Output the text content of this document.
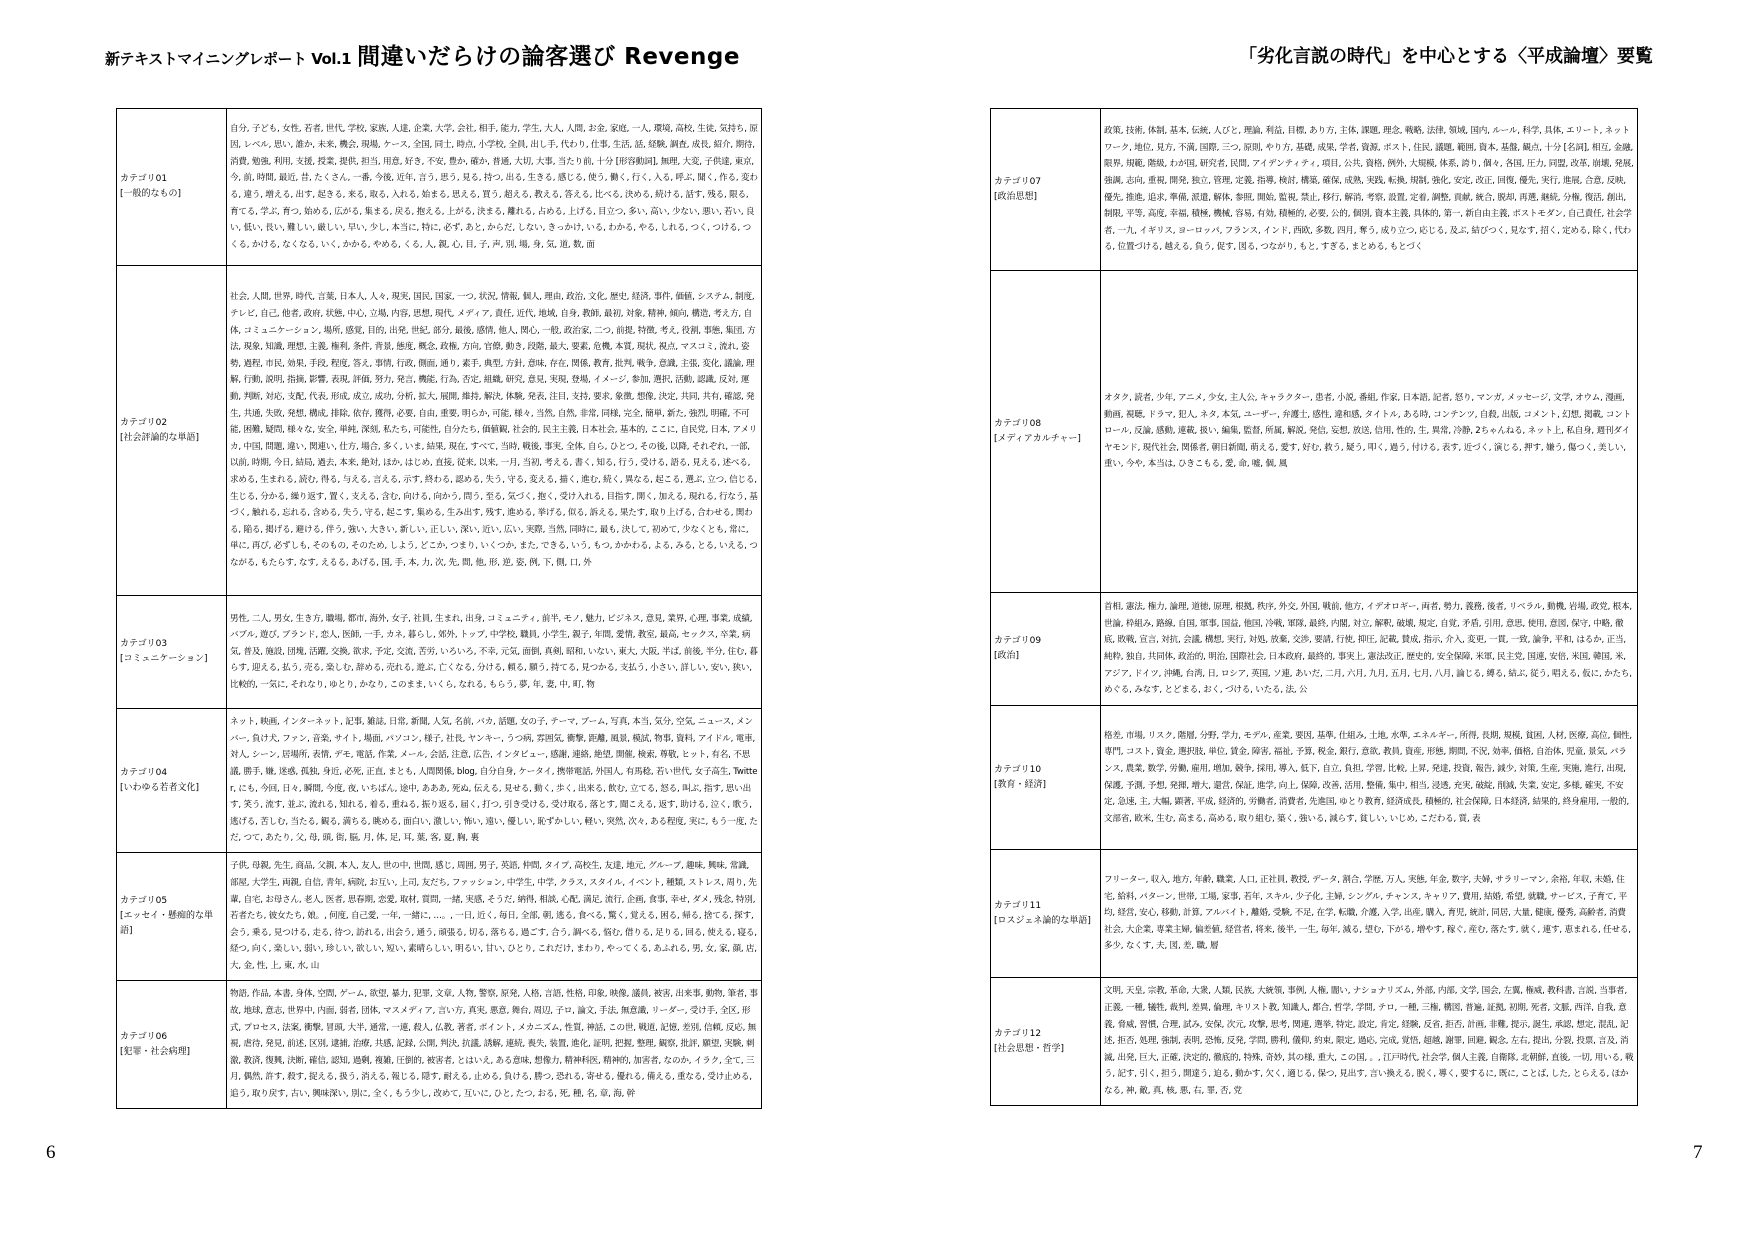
新テキストマイニングレポート Vol.1 間違いだらけの論客選び Revenge	「劣化言説の時代」を中心とする〈平成論壇〉要覧
カテゴリ01
[一般的なもの]	自分, 子ども, 女性, 若者, 世代, 学校, 家族, 人達, 企業, 大学, 会社, 相手, 能力, 学生, 大人, 人間, お金, 家庭, 一人, 環境, 高校, 生徒, 気持ち, 原因, レベル, 思い, 誰か, 未来, 機会, 現場, ケース, 全国, 同士, 時点, 小学校, 全員, 出し手, 代わり, 仕事, 生活, 話, 経験, 調査, 成長, 紹介, 期待, 消費, 勉強, 利用, 支援, 授業, 提供, 担当, 用意, 好き, 不安, 豊か, 確か, 普通, 大切, 大事, 当たり前, 十分 [形容動詞], 無理, 大変, 子供達, 東京, 今, 前, 時間, 最近, 昔, たくさん, 一番, 今後, 近年, 言う, 思う, 見る, 持つ, 出る, 生きる, 感じる, 使う, 働く, 行く, 入る, 呼ぶ, 聞く, 作る, 変わる, 違う, 増える, 出す, 起きる, 来る, 取る, 入れる, 始まる, 思える, 買う, 超える, 教える, 答える, 比べる, 決める, 続ける, 話す, 残る, 限る, 育てる, 学ぶ, 育つ, 始める, 広がる, 集まる, 戻る, 抱える, 上がる, 決まる, 離れる, 占める, 上げる, 目立つ, 多い, 高い, 少ない, 悪い, 若い, 良い, 低い, 長い, 難しい, 厳しい, 早い, 少し, 本当に, 特に, 必ず, あと, からだ, しない, きっかけ, いる, わかる, やる, しれる, つく, つける, つくる, かける, なくなる, いく, かかる, やめる, くる, 人, 親, 心, 目, 子, 声, 別, 場, 身, 気, 道, 数, 面
カテゴリ02
[社会評論的な単語]	社会, 人間, 世界, 時代, 言葉, 日本人, 人々, 現実, 国民, 国家, 一つ, 状況, 情報, 個人, 理由, 政治, 文化, 歴史, 経済, 事件, 価値, システム, 制度, テレビ, 自己, 他者, 政府, 状態, 中心, 立場, 内容, 思想, 現代, メディア, 責任, 近代, 地域, 自身, 教師, 最初, 対象, 精神, 傾向, 構造, 考え方, 自体, コミュニケーション, 場所, 感覚, 目的, 出発, 世紀, 部分, 最後, 感情, 他人, 関心, 一般, 政治家, 二つ, 前提, 特徴, 考え, 役割, 事態, 集団, 方法, 現象, 知識, 理想, 主義, 権利, 条件, 背景, 態度, 概念, 政権, 方向, 官僚, 動き, 段階, 最大, 要素, 危機, 本質, 現状, 視点, マスコミ, 流れ, 姿勢, 過程, 市民, 効果, 手段, 程度, 答え, 事情, 行政, 側面, 通り, 素手, 典型, 方針, 意味, 存在, 関係, 教育, 批判, 戦争, 意識, 主張, 変化, 議論, 理解, 行動, 説明, 指摘, 影響, 表現, 評価, 努力, 発言, 機能, 行為, 否定, 組織, 研究, 意見, 実現, 登場, イメージ, 参加, 選択, 活動, 認識, 反対, 運動, 判断, 対応, 支配, 代表, 形成, 成立, 成功, 分析, 拡大, 展開, 維持, 解決, 体験, 発表, 注目, 支持, 要求, 象徴, 想像, 決定, 共同, 共有, 確認, 発生, 共通, 失敗, 発想, 構成, 排除, 依存, 獲得, 必要, 自由, 重要, 明らか, 可能, 様々, 当然, 自然, 非常, 同様, 完全, 簡単, 新た, 強烈, 明確, 不可能, 困難, 疑問, 様々な, 安全, 単純, 深刻, 私たち, 可能性, 自分たち, 価値観, 社会的, 民主主義, 日本社会, 基本的, ここに, 自民党, 日本, アメリカ, 中国, 問題, 違い, 関連い, 仕方, 場合, 多く, いま, 結果, 現在, すべて, 当時, 戦後, 事実, 全体, 自ら, ひとつ, その後, 以降, それぞれ, 一部, 以前, 時期, 今日, 結局, 過去, 本来, 絶対, ほか, はじめ, 直接, 従来, 以来, 一月, 当初, 考える, 書く, 知る, 行う, 受ける, 語る, 見える, 述べる, 求める, 生まれる, 読む, 得る, 与える, 言える, 示す, 終わる, 認める, 失う, 守る, 変える, 描く, 進む, 続く, 異なる, 起こる, 選ぶ, 立つ, 信じる, 生じる, 分かる, 繰り返す, 置く, 支える, 含む, 向ける, 向かう, 問う, 至る, 気づく, 抱く, 受け入れる, 目指す, 開く, 加える, 現れる, 行なう, 基づく, 触れる, 忘れる, 含める, 失う, 守る, 起こす, 集める, 生み出す, 残す, 進める, 挙げる, 似る, 訴える, 果たす, 取り上げる, 合わせる, 関わる, 陥る, 掲げる, 避ける, 伴う, 強い, 大きい, 新しい, 正しい, 深い, 近い, 広い, 実際, 当然, 同時に, 最も, 決して, 初めて, 少なくとも, 常に, 単に, 再び, 必ずしも, そのもの, そのため, しよう, どこか, つまり, いくつか, また, できる, いう, もつ, かかわる, よる, みる, とる, いえる, つながる, もたらす, なす, えるる, あげる, 国, 手, 本, 力, 次, 先, 間, 他, 形, 逆, 姿, 例, 下, 側, 口, 外
カテゴリ03
[コミュニケーション]	男性, 二人, 男女, 生き方, 職場, 都市, 海外, 女子, 社員, 生まれ, 出身, コミュニティ, 前半, モノ, 魅力, ビジネス, 意見, 業界, 心理, 事業, 成績, バブル, 遊び, ブランド, 恋人, 医師, 一手, カネ, 暮らし, 郊外, トップ, 中学校, 職員, 小学生, 親子, 年間, 愛情, 教室, 最高, セックス, 卒業, 病気, 普及, 施設, 団塊, 活躍, 交換, 欲求, 予定, 交流, 苦労, いろいろ, 不幸, 元気, 面倒, 真剣, 昭和, いない, 東大, 大阪, 半ば, 前後, 半分, 住む, 暮らす, 迎える, 払う, 売る, 楽しむ, 辞める, 売れる, 遊ぶ, 亡くなる, 分ける, 頼る, 願う, 持てる, 見つかる, 支払う, 小さい, 詳しい, 安い, 狭い, 比較的, 一気に, それなり, ゆとり, かなり, このまま, いくら, なれる, もらう, 夢, 年, 妻, 中, 町, 物
カテゴリ04
[いわゆる若者文化]	ネット, 映画, インターネット, 記事, 雑誌, 日常, 新聞, 人気, 名前, バカ, 話題, 女の子, テーマ, ブーム, 写真, 本当, 気分, 空気, ニュース, メンバー, 負け犬, ファン, 音楽, サイト, 場面, パソコン, 様子, 社長, ヤンキー, うつ病, 雰囲気, 衝撃, 距離, 風景, 模試, 物事, 資料, アイドル, 電車, 対人, シーン, 居場所, 表情, デモ, 電話, 作業, メール, 会話, 注意, 広告, インタビュー, 感謝, 連絡, 絶望, 開催, 検索, 尊敬, ヒット, 有名, 不思議, 勝手, 嫌, 迷惑, 孤独, 身近, 必死, 正直, まとも, 人間関係, blog, 自分自身, ケータイ, 携帯電話, 外国人, 有馬稔, 若い世代, 女子高生, Twitter, にも, 今回, 日々, 瞬間, 今度, 夜, いちばん, 途中, あああ, 死ぬ, 伝える, 見せる, 動く, 歩く, 出来る, 飲む, 立てる, 怒る, 叫ぶ, 指す, 思い出す, 笑う, 流す, 並ぶ, 流れる, 知れる, 着る, 重ねる, 振り返る, 届く, 打つ, 引き受ける, 受け取る, 落とす, 聞こえる, 返す, 助ける, 泣く, 歌う, 逃げる, 苦しむ, 当たる, 観る, 満ちる, 眺める, 面白い, 激しい, 怖い, 遠い, 優しい, 恥ずかしい, 軽い, 突然, 次々, ある程度, 実に, もう一度, ただ, つて, あたり, 父, 母, 頭, 街, 脳, 月, 体, 足, 耳, 葉, 客, 夏, 胸, 裏
カテゴリ05
[エッセイ・懸痴的な単語]	子供, 母親, 先生, 商品, 父親, 本人, 友人, 世の中, 世間, 感じ, 周囲, 男子, 英語, 仲間, タイプ, 高校生, 友達, 地元, グループ, 趣味, 興味, 常識, 部屋, 大学生, 両親, 自信, 青年, 病院, お互い, 上司, 友だち, ファッション, 中学生, 中学, クラス, スタイル, イベント, 種類, ストレス, 周り, 先輩, 自宅, お母さん, 老人, 医者, 思春期, 恋愛, 取材, 質問, 一緒, 実感, そうだ, 納得, 相談, 心配, 満足, 流行, 企画, 食事, 幸せ, ダメ, 残念, 特別, 若者たち, 彼女たち, 娘。, 何度, 自己愛, 一年, 一緒に, …。, 一日, 近く, 毎日, 全部, 朝, 逃る, 食べる, 驚く, 覚える, 困る, 帰る, 捨てる, 探す, 会う, 乗る, 見つける, 走る, 待つ, 訪れる, 出会う, 通う, 頑張る, 切る, 落ちる, 過ごす, 合う, 調べる, 悩む, 借りる, 足りる, 回る, 使える, 寝る, 経つ, 向く, 楽しい, 弱い, 珍しい, 欲しい, 短い, 素晴らしい, 明るい, 甘い, ひとり, これだけ, まわり, やってくる, あふれる, 男, 女, 家, 顔, 店, 大, 金, 性, 上, 東, 水, 山
カテゴリ06
[犯罪・社会病理]	物語, 作品, 本書, 身体, 空間, ゲーム, 欲望, 暴力, 犯罪, 文章, 人物, 警察, 原発, 人格, 言語, 性格, 印象, 映像, 議員, 被害, 出来事, 動物, 筆者, 事故, 地球, 意志, 世界中, 内面, 弱者, 団体, マスメディア, 言い方, 真実, 悪意, 舞台, 周辺, 子ロ, 論文, 手法, 無意識, リーダー, 受け手, 全区, 形式, プロセス, 法案, 衝撃, 冒頭, 大半, 通常, 一連, 殺人, 仏教, 著者, ポイント, メカニズム, 性質, 神話, この世, 戦道, 記憶, 差別, 信頼, 反応, 無視, 虐待, 発見, 前述, 区別, 逮捕, 治療, 共感, 記録, 公開, 判決, 抗議, 誘解, 連続, 喪失, 装置, 進化, 証明, 把握, 整理, 観察, 批評, 願望, 実験, 刺激, 教済, 復興, 決断, 確信, 認知, 過剰, 複雑, 圧倒的, 被害者, とはいえ, ある意味, 想像力, 精神科医, 精神的, 加害者, なのか, イラク, 全て, 三月, 偶然, 許す, 殺す, 捉える, 扱う, 消える, 報じる, 隠す, 耐える, 止める, 負ける, 勝つ, 恐れる, 寄せる, 優れる, 備える, 重なる, 受け止める, 追う, 取り戻す, 古い, 興味深い, 別に, 全く, もう少し, 改めて, 互いに, ひと, たつ, おる, 死, 種, 名, 章, 海, 幹
カテゴリ07
[政治思想]	政策, 技術, 体制, 基本, 伝統, 人びと, 理論, 利益, 目標, あり方, 主体, 課題, 理念, 戦略, 法律, 領域, 国内, ルール, 科学, 具体, エリート, ネットワーク, 地位, 見方, 不満, 国際, 三つ, 原則, やり方, 基礎, 成果, 学者, 資源, ポスト, 住民, 議題, 範囲, 資本, 基盤, 観点, 十分 [名詞], 相互, 金融, 限界, 規範, 階級, わが国, 研究者, 民間, アイデンティティ, 項目, 公共, 資格, 例外, 大規模, 体系, 誇り, 個々, 各国, 圧力, 同盟, 改革, 崩壊, 発展, 強調, 志向, 重視, 開発, 独立, 管理, 定義, 指導, 検討, 構築, 確保, 成熟, 実践, 転換, 規制, 強化, 安定, 改正, 回復, 優先, 実行, 進展, 合意, 反映, 優先, 推進, 追求, 準備, 派遣, 解体, 参照, 開始, 監視, 禁止, 移行, 解消, 考察, 設置, 定着, 調整, 貢献, 統合, 脱却, 再選, 継続, 分権, 復活, 創出, 制限, 平等, 高度, 幸福, 積極, 機械, 容易, 有効, 積極的, 必要, 公的, 個別, 資本主義, 具体的, 第一, 新自由主義, ポストモダン, 自己責任, 社会学者, 一九, イギリス, ヨーロッパ, フランス, インド, 西欧, 多数, 四月, 奪う, 成り立つ, 応じる, 及ぶ, 結びつく, 見なす, 招く, 定める, 除く, 代わる, 位置づける, 越える, 負う, 促す, 図る, つながり, もと, すぎる, まとめる, もとづく
カテゴリ08
[メディアカルチャー]	オタク, 読者, 少年, アニメ, 少女, 主人公, キャラクター, 患者, 小説, 番組, 作家, 日本語, 記者, 怒り, マンガ, メッセージ, 文学, オウム, 漫画, 動画, 視聴, ドラマ, 犯人, ネタ, 本気, ユーザー, 弁護士, 感性, 違和感, タイトル, ある時, コンテンツ, 自殺, 出版, コメント, 幻想, 掲載, コントロール, 反論, 感動, 連載, 扱い, 編集, 監督, 所属, 解説, 発信, 妄想, 放送, 信用, 性的, 生, 異常, 冷静, 2ちゃんねる, ネット上, 私自身, 週刊ダイヤモンド, 現代社会, 関係者, 朝日新聞, 萌える, 愛す, 好む, 救う, 疑う, 叩く, 過う, 付ける, 表す, 近づく, 演じる, 押す, 嫌う, 傷つく, 美しい, 重い, 今や, 本当は, ひきこもる, 愛, 命, 嘘, 個, 風
カテゴリ09
[政治]	首相, 憲法, 権力, 論理, 道徳, 原理, 根拠, 秩序, 外交, 外国, 戦前, 他方, イデオロギー, 両者, 勢力, 義務, 後者, リベラル, 動機, 岩場, 政党, 根本, 世論, 枠組み, 路線, 自国, 軍事, 国益, 他国, 冷戦, 軍隊, 最終, 内閣, 対立, 解釈, 破壊, 規定, 自覚, 矛盾, 引用, 意思, 使用, 意図, 保守, 中略, 徹底, 敗戦, 宣言, 対抗, 会議, 構想, 実行, 対処, 放棄, 交渉, 要請, 行使, 抑圧, 記載, 賛成, 指示, 介入, 変更, 一貫, 一致, 論争, 平和, はるか, 正当, 純粋, 独自, 共同体, 政治的, 明治, 国際社会, 日本政府, 最終的, 事実上, 憲法改正, 歴史的, 安全保障, 米軍, 民主党, 国連, 安倍, 米国, 韓国, 米, アジア, ドイツ, 沖縄, 台湾, 日, ロシア, 英国, ソ連, あいだ, 二月, 六月, 九月, 五月, 七月, 八月, 論じる, 縛る, 結ぶ, 従う, 唱える, 仮に, かたち, めぐる, みなす, とどまる, おく, づける, いたる, 法, 公
カテゴリ10
[教育・経済]	格差, 市場, リスク, 階層, 分野, 学力, モデル, 産業, 要因, 基準, 仕組み, 土地, 水準, エネルギー, 所得, 長期, 規模, 貧困, 人材, 医療, 高位, 個性, 専門, コスト, 資金, 選択肢, 単位, 賃金, 障害, 福祉, 予算, 税金, 銀行, 意欲, 教員, 資産, 形態, 期間, 不況, 効率, 価格, 自治体, 児童, 景気, パランス, 農業, 数学, 労働, 雇用, 増加, 競争, 採用, 導入, 低下, 自立, 負担, 学習, 比較, 上昇, 発達, 投資, 報告, 減少, 対策, 生産, 実施, 進行, 出現, 保護, 予測, 予想, 発揮, 増大, 還営, 保証, 進学, 向上, 保障, 改善, 活用, 整備, 集中, 相当, 浸透, 充実, 破綻, 削減, 失業, 安定, 多様, 確実, 不安定, 急速, 主, 大幅, 顕著, 平成, 経済的, 労働者, 消費者, 先進国, ゆとり教育, 経済成長, 積極的, 社会保障, 日本経済, 結果的, 終身雇用, 一般的, 文部省, 欧米, 生む, 高まる, 高める, 取り組む, 築く, 強いる, 減らす, 貧しい, いじめ, こだわる, 質, 表
カテゴリ11
[ロスジェネ論的な単語]	フリーター, 収入, 地方, 年齢, 職業, 人口, 正社員, 教授, データ, 割合, 学歴, 万人, 実態, 年金, 数字, 夫婦, サラリーマン, 余裕, 年収, 未婚, 住宅, 給料, パターン, 世帯, 工場, 家事, 若年, スキル, 少子化, 主婦, シングル, チャンス, キャリア, 費用, 結婚, 希望, 就職, サービス, 子育て, 平均, 経営, 安心, 移動, 計算, アルバイト, 離婚, 受験, 不足, 在学, 転職, 介護, 入学, 出産, 購入, 育児, 統計, 同居, 大量, 健康, 優秀, 高齢者, 消費社会, 大企業, 専業主婦, 偏差値, 経営者, 将来, 後半, 一生, 毎年, 減る, 望む, 下がる, 増やす, 稼ぐ, 産む, 落たす, 就く, 連す, 恵まれる, 任せる, 多少, なくす, 夫, 図, 差, 職, 層
カテゴリ12
[社会思想・哲学]	文明, 天皇, 宗教, 革命, 大衆, 人類, 民族, 大統領, 事例, 人権, 闇い, ナショナリズム, 外部, 内部, 文学, 国会, 左翼, 権威, 教科書, 言説, 当事者, 正義, 一種, 犠牲, 裁判, 差異, 倫理, キリスト教, 知識人, 都合, 哲学, 学問, テロ, 一種, 三権, 構図, 普遍, 証拠, 初期, 死者, 文脈, 西洋, 自我, 意義, 脅威, 習慣, 合理, 試み, 安保, 次元, 攻撃, 思考, 関連, 選挙, 特定, 設定, 肯定, 経験, 反省, 拒否, 計画, 非難, 提示, 誕生, 承認, 想定, 混乱, 記述, 拒否, 処理, 強制, 表明, 恐怖, 反発, 学問, 勝利, 儀仰, 約束, 限定, 過応, 完成, 覚悟, 超越, 謝罪, 回避, 観念, 左右, 提出, 分裂, 投票, 言及, 消滅, 出発, 巨大, 正確, 決定的, 徹底的, 特殊, 奇妙, 其の様, 重大, この国, 。, 江戸時代, 社会学, 個人主義, 自衛隊, 北朝鮮, 直後, 一切, 用いる, 戦う, 記す, 引く, 担う, 開達う, 迫る, 動かす, 欠く, 適じる, 保つ, 見出す, 言い換える, 脱く, 導く, 要するに, 既に, ことば, した, とらえる, ほかなる, 神, 敵, 真, 核, 悪, 右, 罪, 否, 党
6	7
